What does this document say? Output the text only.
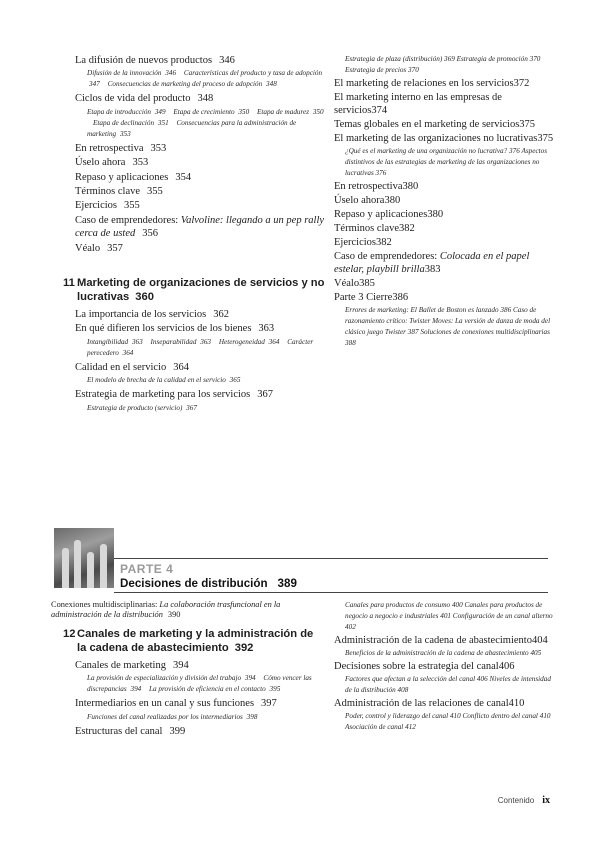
La difusión de nuevos productos 346
Difusión de la innovación 346 Características del producto y tasa de adopción 347 Consecuencias de marketing del proceso de adopción 348
Ciclos de vida del producto 348
Etapa de introducción 349 Etapa de crecimiento 350 Etapa de madurez 350 Etapa de declinación 351 Consecuencias para la administración de marketing 353
En retrospectiva 353
Úselo ahora 353
Repaso y aplicaciones 354
Términos clave 355
Ejercicios 355
Caso de emprendedores: Valvoline: llegando a un pep rally cerca de usted 356
Véalo 357
11 Marketing de organizaciones de servicios y no lucrativas 360
La importancia de los servicios 362
En qué difieren los servicios de los bienes 363
Intangibilidad 363 Inseparabilidad 363 Heterogeneidad 364 Carácter perecedero 364
Calidad en el servicio 364
El modelo de brecha de la calidad en el servicio 365
Estrategia de marketing para los servicios 367
Estrategia de producto (servicio) 367
Estrategia de plaza (distribución) 369 Estrategia de promoción 370 Estrategia de precios 370
El marketing de relaciones en los servicios372
El marketing interno en las empresas de servicios374
Temas globales en el marketing de servicios375
El marketing de las organizaciones no lucrativas375
¿Qué es el marketing de una organización no lucrativa? 376 Aspectos distintivos de las estrategias de marketing de las organizaciones no lucrativas 376
En retrospectiva380
Úselo ahora380
Repaso y aplicaciones380
Términos clave382
Ejercicios382
Caso de emprendedores: Colocada en el papel estelar, playbill brilla383
Véalo385
Parte 3 Cierre386
Errores de marketing: El Ballet de Boston es lanzado 386 Caso de razonamiento crítico: Twister Moves: La versión de danza de moda del clásico juego Twister 387 Soluciones de conexiones multidisciplinarias 388
PARTE 4
Decisiones de distribución 389
Conexiones multidisciplinarias: La colaboración trasfuncional en la administración de la distribución 390
12 Canales de marketing y la administración de la cadena de abastecimiento 392
Canales de marketing 394
La provisión de especialización y división del trabajo 394 Cómo vencer las discrepancias 394 La provisión de eficiencia en el contacto 395
Intermediarios en un canal y sus funciones 397
Funciones del canal realizadas por los intermediarios 398
Estructuras del canal 399
Canales para productos de consumo 400 Canales para productos de negocio a negocio e industriales 401 Configuración de un canal alterno 402
Administración de la cadena de abastecimiento404
Beneficios de la administración de la cadena de abastecimiento 405
Decisiones sobre la estrategia del canal406
Factores que afectan a la selección del canal 406 Niveles de intensidad de la distribución 408
Administración de las relaciones de canal410
Poder, control y liderazgo del canal 410 Conflicto dentro del canal 410 Asociación de canal 412
Contenido ix
